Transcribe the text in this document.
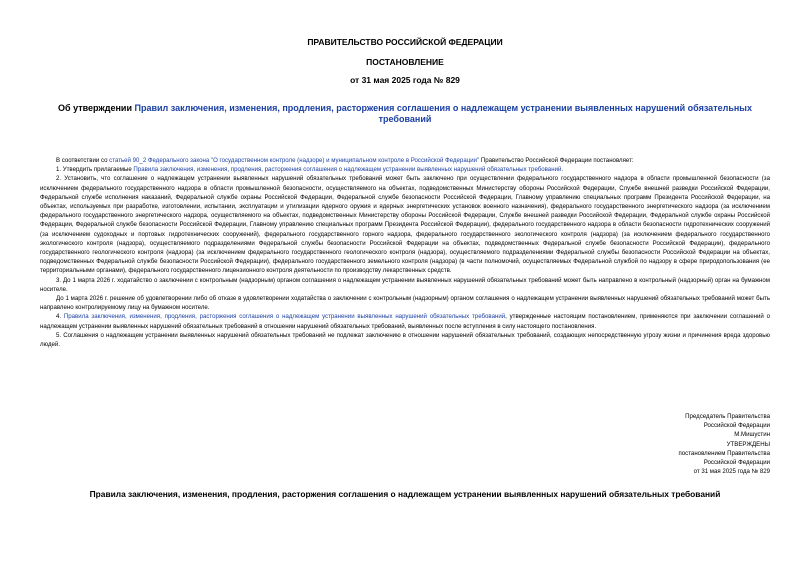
ПРАВИТЕЛЬСТВО РОССИЙСКОЙ ФЕДЕРАЦИИ
ПОСТАНОВЛЕНИЕ
от 31 мая 2025 года № 829
Об утверждении Правил заключения, изменения, продления, расторжения соглашения о надлежащем устранении выявленных нарушений обязательных требований

В соответствии со статьей 90_2 Федерального закона "О государственном контроле (надзоре) и муниципальном контроле в Российской Федерации" Правительство Российской Федерации постановляет:

1. Утвердить прилагаемые Правила заключения, изменения, продления, расторжения соглашения о надлежащем устранении выявленных нарушений обязательных требований.

2. Установить, что соглашение о надлежащем устранении выявленных нарушений обязательных требований может быть заключено при осуществлении федерального государственного надзора в области промышленной безопасности (за исключением федерального государственного надзора в области промышленной безопасности, осуществляемого на объектах, подведомственных Министерству обороны Российской Федерации, Службе внешней разведки Российской Федерации, Федеральной службе исполнения наказаний, Федеральной службе охраны Российской Федерации, Федеральной службе безопасности Российской Федерации, Главному управлению специальных программ Президента Российской Федерации, на объектах, используемых при разработке, изготовлении, испытании, эксплуатации и утилизации ядерного оружия и ядерных энергетических установок военного назначения), федерального государственного энергетического надзора (за исключением федерального государственного энергетического надзора, осуществляемого на объектах, подведомственных Министерству обороны Российской Федерации, Службе внешней разведки Российской Федерации, Федеральной службе охраны Российской Федерации, Федеральной службе безопасности Российской Федерации, Главному управлению специальных программ Президента Российской Федерации), федерального государственного надзора в области безопасности гидротехнических сооружений (за исключением судоходных и портовых гидротехнических сооружений), федерального государственного горного надзора, федерального государственного экологического контроля (надзора) (за исключением федерального государственного экологического контроля (надзора), осуществляемого подразделениями Федеральной службы безопасности Российской Федерации на объектах, подведомственных Федеральной службе безопасности Российской Федерации), федерального государственного геологического контроля (надзора) (за исключением федерального государственного геологического контроля (надзора), осуществляемого подразделениями Федеральной службы безопасности Российской Федерации на объектах, подведомственных Федеральной службе безопасности Российской Федерации), федерального государственного земельного контроля (надзора) (в части полномочий, осуществляемых Федеральной службой по надзору в сфере природопользования (ее территориальными органами), федерального государственного лицензионного контроля деятельности по производству лекарственных средств.

3. До 1 марта 2026 г. ходатайство о заключении с контрольным (надзорным) органом соглашения о надлежащем устранении выявленных нарушений обязательных требований может быть направлено в контрольный (надзорный) орган на бумажном носителе.

До 1 марта 2026 г. решение об удовлетворении либо об отказе в удовлетворении ходатайства о заключении с контрольным (надзорным) органом соглашения о надлежащем устранении выявленных нарушений обязательных требований может быть направлено контролируемому лицу на бумажном носителе.

4. Правила заключения, изменения, продления, расторжения соглашения о надлежащем устранении выявленных нарушений обязательных требований, утвержденные настоящим постановлением, применяются при заключении соглашений о надлежащем устранении выявленных нарушений обязательных требований в отношении нарушений обязательных требований, выявленных после вступления в силу настоящего постановления.

5. Соглашения о надлежащем устранении выявленных нарушений обязательных требований не подлежат заключению в отношении нарушений обязательных требований, создающих непосредственную угрозу жизни и причинения вреда здоровью людей.

Председатель Правительства
Российской Федерации
М.Мишустин
УТВЕРЖДЕНЫ
постановлением Правительства
Российской Федерации
от 31 мая 2025 года № 829
Правила заключения, изменения, продления, расторжения соглашения о надлежащем устранении выявленных нарушений обязательных требований
